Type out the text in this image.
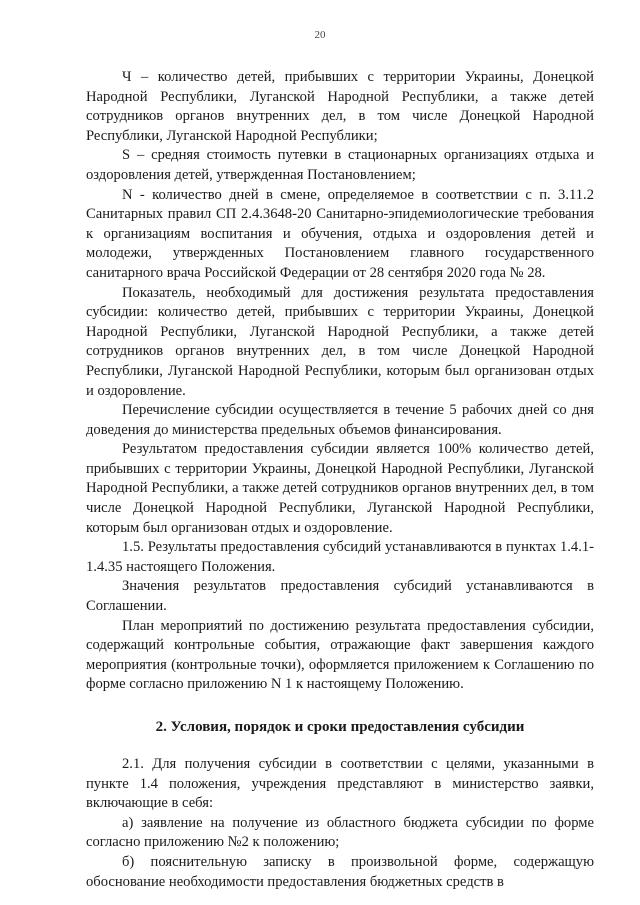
20

Ч – количество детей, прибывших с территории Украины, Донецкой Народной Республики, Луганской Народной Республики, а также детей сотрудников органов внутренних дел, в том числе Донецкой Народной Республики, Луганской Народной Республики;

S – средняя стоимость путевки в стационарных организациях отдыха и оздоровления детей, утвержденная Постановлением;

N - количество дней в смене, определяемое в соответствии с п. 3.11.2 Санитарных правил СП 2.4.3648-20 Санитарно-эпидемиологические требования к организациям воспитания и обучения, отдыха и оздоровления детей и молодежи, утвержденных Постановлением главного государственного санитарного врача Российской Федерации от 28 сентября 2020 года № 28.

Показатель, необходимый для достижения результата предоставления субсидии: количество детей, прибывших с территории Украины, Донецкой Народной Республики, Луганской Народной Республики, а также детей сотрудников органов внутренних дел, в том числе Донецкой Народной Республики, Луганской Народной Республики, которым был организован отдых и оздоровление.

Перечисление субсидии осуществляется в течение 5 рабочих дней со дня доведения до министерства предельных объемов финансирования.

Результатом предоставления субсидии является 100% количество детей, прибывших с территории Украины, Донецкой Народной Республики, Луганской Народной Республики, а также детей сотрудников органов внутренних дел, в том числе Донецкой Народной Республики, Луганской Народной Республики, которым был организован отдых и оздоровление.

1.5. Результаты предоставления субсидий устанавливаются в пунктах 1.4.1-1.4.35 настоящего Положения.

Значения результатов предоставления субсидий устанавливаются в Соглашении.

План мероприятий по достижению результата предоставления субсидии, содержащий контрольные события, отражающие факт завершения каждого мероприятия (контрольные точки), оформляется приложением к Соглашению по форме согласно приложению N 1 к настоящему Положению.

2. Условия, порядок и сроки предоставления субсидии

2.1. Для получения субсидии в соответствии с целями, указанными в пункте 1.4 положения, учреждения представляют в министерство заявки, включающие в себя:

а) заявление на получение из областного бюджета субсидии по форме согласно приложению №2 к положению;

б) пояснительную записку в произвольной форме, содержащую обоснование необходимости предоставления бюджетных средств в
